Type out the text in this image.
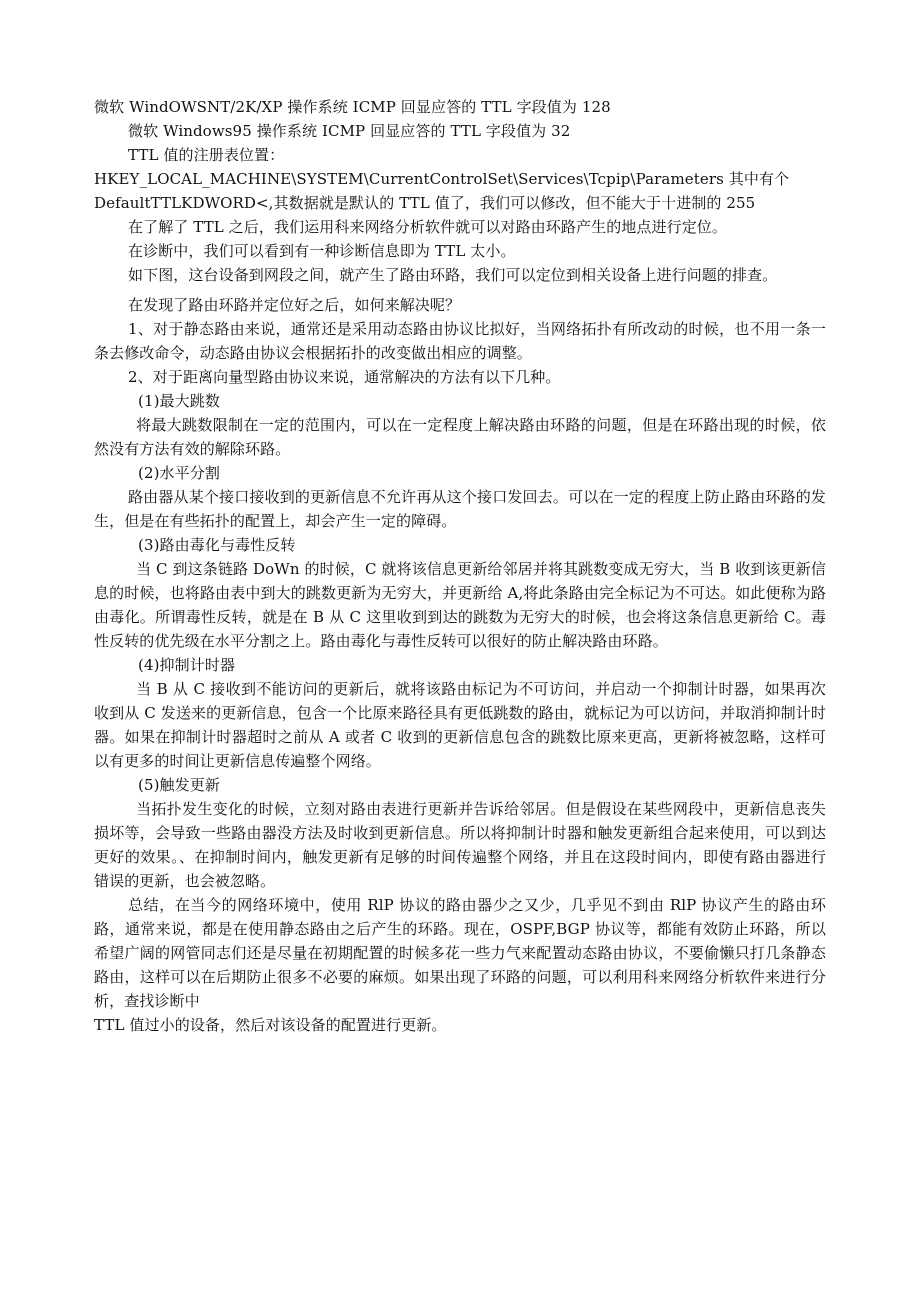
微软 WindOWSNT/2K/XP 操作系统 ICMP 回显应答的 TTL 字段值为 128

微软 Windows95 操作系统 ICMP 回显应答的 TTL 字段值为 32

TTL 值的注册表位置：

HKEY_LOCAL_MACHINE\SYSTEM\CurrentControlSet\Services\Tcpip\Parameters 其中有个 DefaultTTLKDWORD<,其数据就是默认的 TTL 值了，我们可以修改，但不能大于十进制的 255

在了解了 TTL 之后，我们运用科来网络分析软件就可以对路由环路产生的地点进行定位。

在诊断中，我们可以看到有一种诊断信息即为 TTL 太小。

如下图，这台设备到网段之间，就产生了路由环路，我们可以定位到相关设备上进行问题的排查。

在发现了路由环路并定位好之后，如何来解决呢？

1、对于静态路由来说，通常还是采用动态路由协议比拟好，当网络拓扑有所改动的时候，也不用一条一条去修改命令，动态路由协议会根据拓扑的改变做出相应的调整。

2、对于距离向量型路由协议来说，通常解决的方法有以下几种。

(1)最大跳数

将最大跳数限制在一定的范围内，可以在一定程度上解决路由环路的问题，但是在环路出现的时候，依然没有方法有效的解除环路。

(2)水平分割

路由器从某个接口接收到的更新信息不允许再从这个接口发回去。可以在一定的程度上防止路由环路的发生，但是在有些拓扑的配置上，却会产生一定的障碍。

(3)路由毒化与毒性反转

当 C 到这条链路 DoWn 的时候，C 就将该信息更新给邻居并将其跳数变成无穷大，当 B 收到该更新信息的时候，也将路由表中到大的跳数更新为无穷大，并更新给 A,将此条路由完全标记为不可达。如此便称为路由毒化。所谓毒性反转，就是在 B 从 C 这里收到到达的跳数为无穷大的时候，也会将这条信息更新给 C。毒性反转的优先级在水平分割之上。路由毒化与毒性反转可以很好的防止解决路由环路。

(4)抑制计时器

当 B 从 C 接收到不能访问的更新后，就将该路由标记为不可访问，并启动一个抑制计时器，如果再次收到从 C 发送来的更新信息，包含一个比原来路径具有更低跳数的路由，就标记为可以访问，并取消抑制计时器。如果在抑制计时器超时之前从 A 或者 C 收到的更新信息包含的跳数比原来更高，更新将被忽略，这样可以有更多的时间让更新信息传遍整个网络。

(5)触发更新

当拓扑发生变化的时候，立刻对路由表进行更新并告诉给邻居。但是假设在某些网段中，更新信息丧失损坏等，会导致一些路由器没方法及时收到更新信息。所以将抑制计时器和触发更新组合起来使用，可以到达更好的效果。、在抑制时间内，触发更新有足够的时间传遍整个网络，并且在这段时间内，即使有路由器进行错误的更新，也会被忽略。

总结，在当今的网络环境中，使用 RlP 协议的路由器少之又少，几乎见不到由 RlP 协议产生的路由环路，通常来说，都是在使用静态路由之后产生的环路。现在，OSPF,BGP 协议等，都能有效防止环路，所以希望广阔的网管同志们还是尽量在初期配置的时候多花一些力气来配置动态路由协议，不要偷懒只打几条静态路由，这样可以在后期防止很多不必要的麻烦。如果出现了环路的问题，可以利用科来网络分析软件来进行分析，查找诊断中

TTL 值过小的设备，然后对该设备的配置进行更新。
